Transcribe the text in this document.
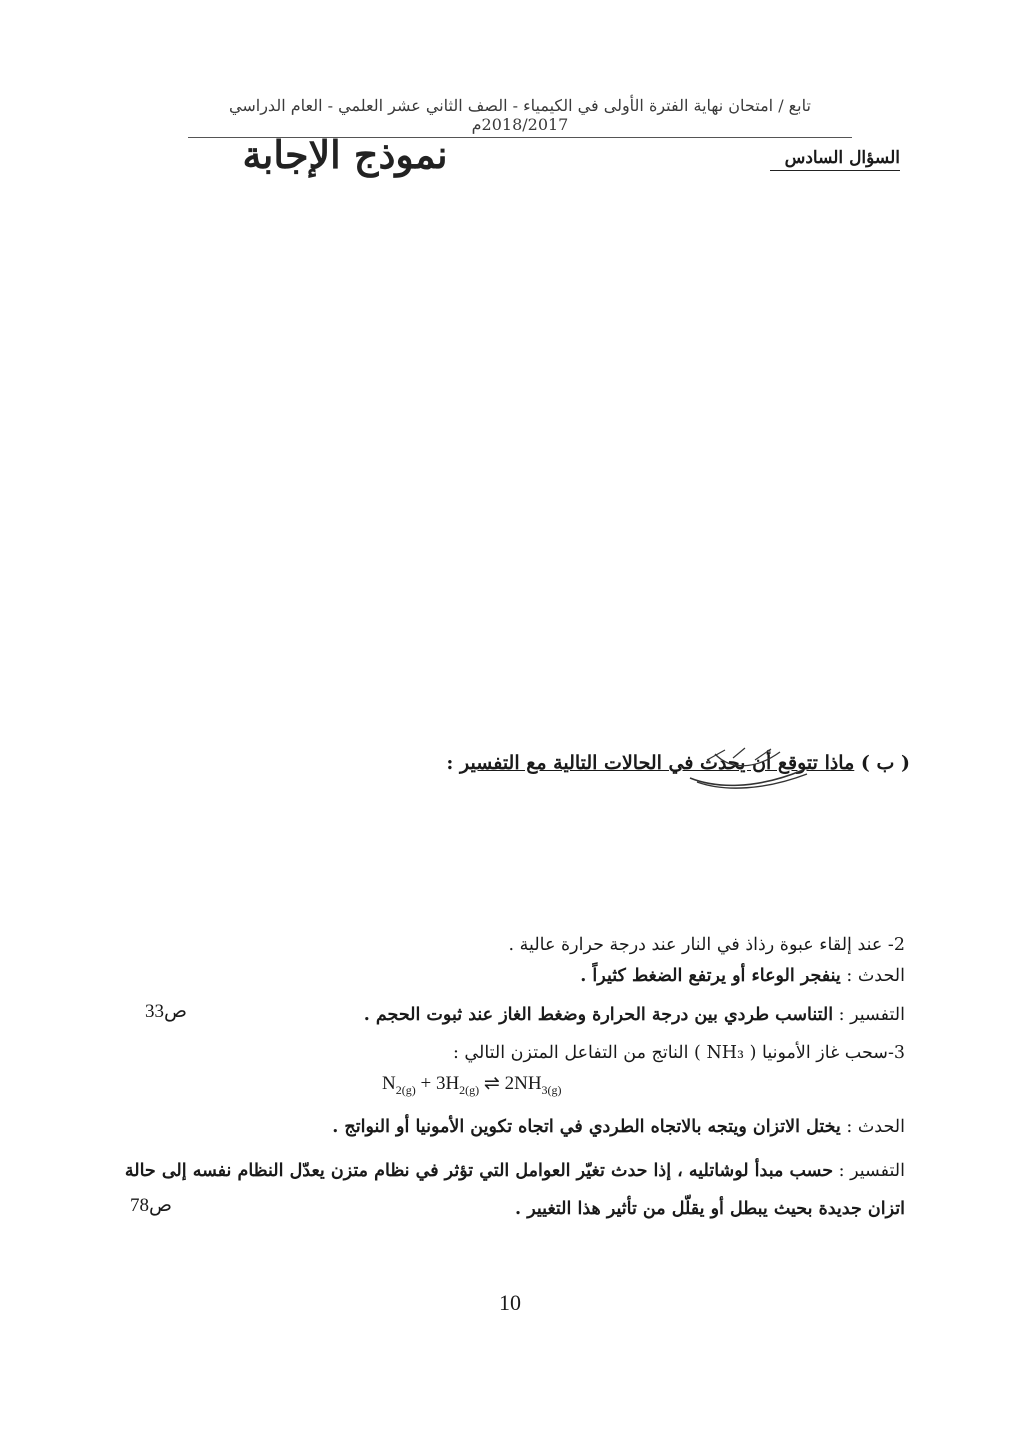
تابع / امتحان نهاية الفترة الأولى في الكيمياء - الصف الثاني عشر العلمي - العام الدراسي 2018/2017م
نموذج الإجابة	السؤال السادس
( ب ) ماذا تتوقع أن يحدث في الحالات التالية مع التفسير :
2- عند إلقاء عبوة رذاذ في النار عند درجة حرارة عالية .
الحدث : ينفجر الوعاء أو يرتفع الضغط كثيراً .
التفسير : التناسب طردي بين درجة الحرارة وضغط الغاز عند ثبوت الحجم .
ص33
3-سحب غاز الأمونيا ( NH₃ ) الناتج من التفاعل المتزن التالي :
$N_{2(g)} + 3H_{2(g)}$ ⇌ $2NH_{3(g)}$
الحدث : يختل الاتزان ويتجه بالاتجاه الطردي في اتجاه تكوين الأمونيا أو النواتج .
التفسير : حسب مبدأ لوشاتليه ، إذا حدث تغيّر العوامل التي تؤثر في نظام متزن يعدّل النظام نفسه إلى حالة
اتزان جديدة بحيث يبطل أو يقلّل من تأثير هذا التغيير .
ص78
10
